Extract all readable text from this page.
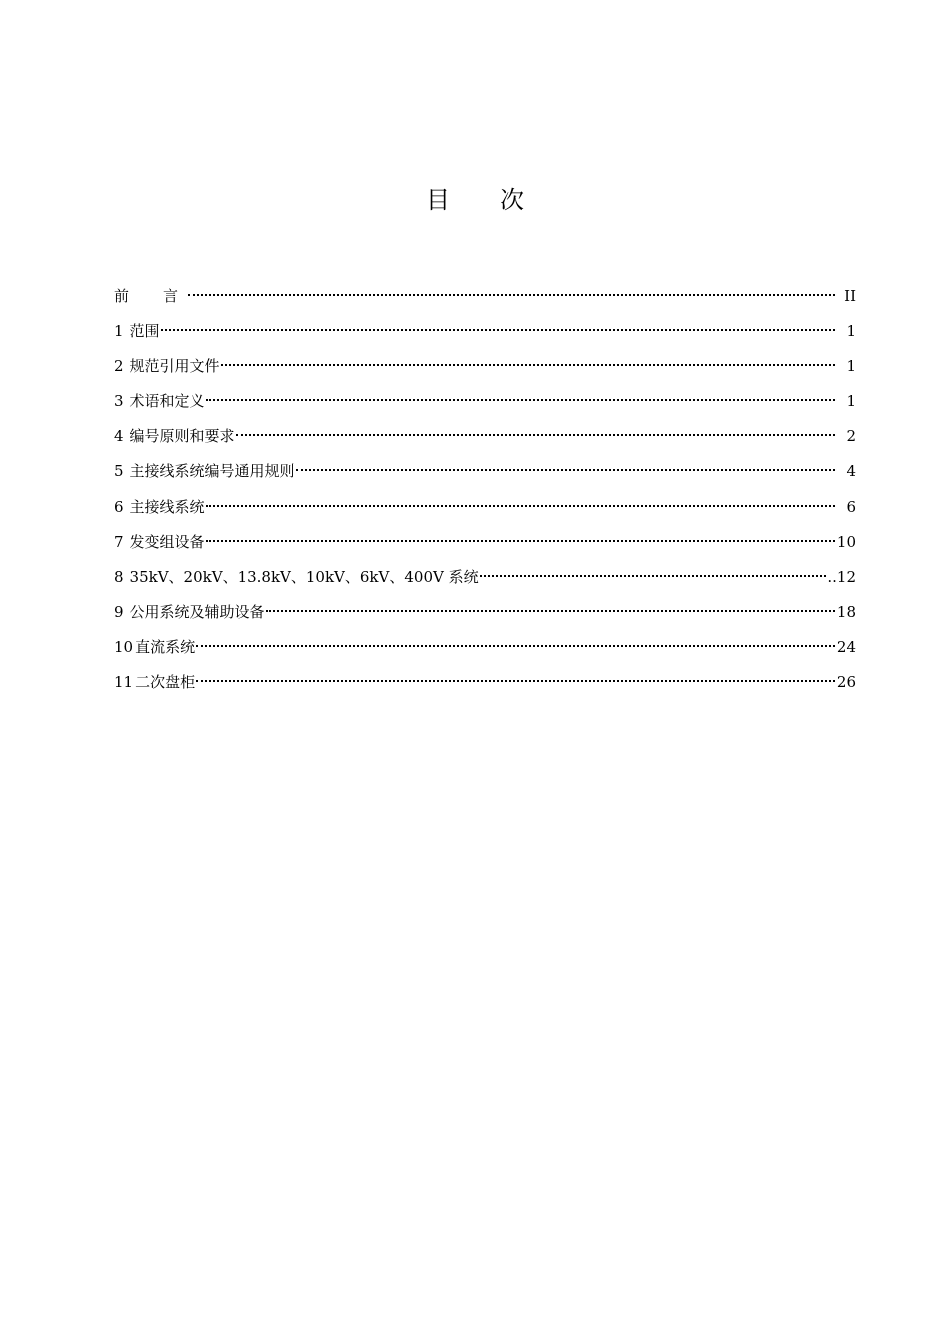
目 次
前 言	II
1 范围	1
2 规范引用文件	1
3 术语和定义	1
4 编号原则和要求	2
5 主接线系统编号通用规则	4
6 主接线系统	6
7 发变组设备	10
8 35kV、20kV、13.8kV、10kV、6kV、400V 系统	..12
9 公用系统及辅助设备	18
10 直流系统	24
11 二次盘柜	26
